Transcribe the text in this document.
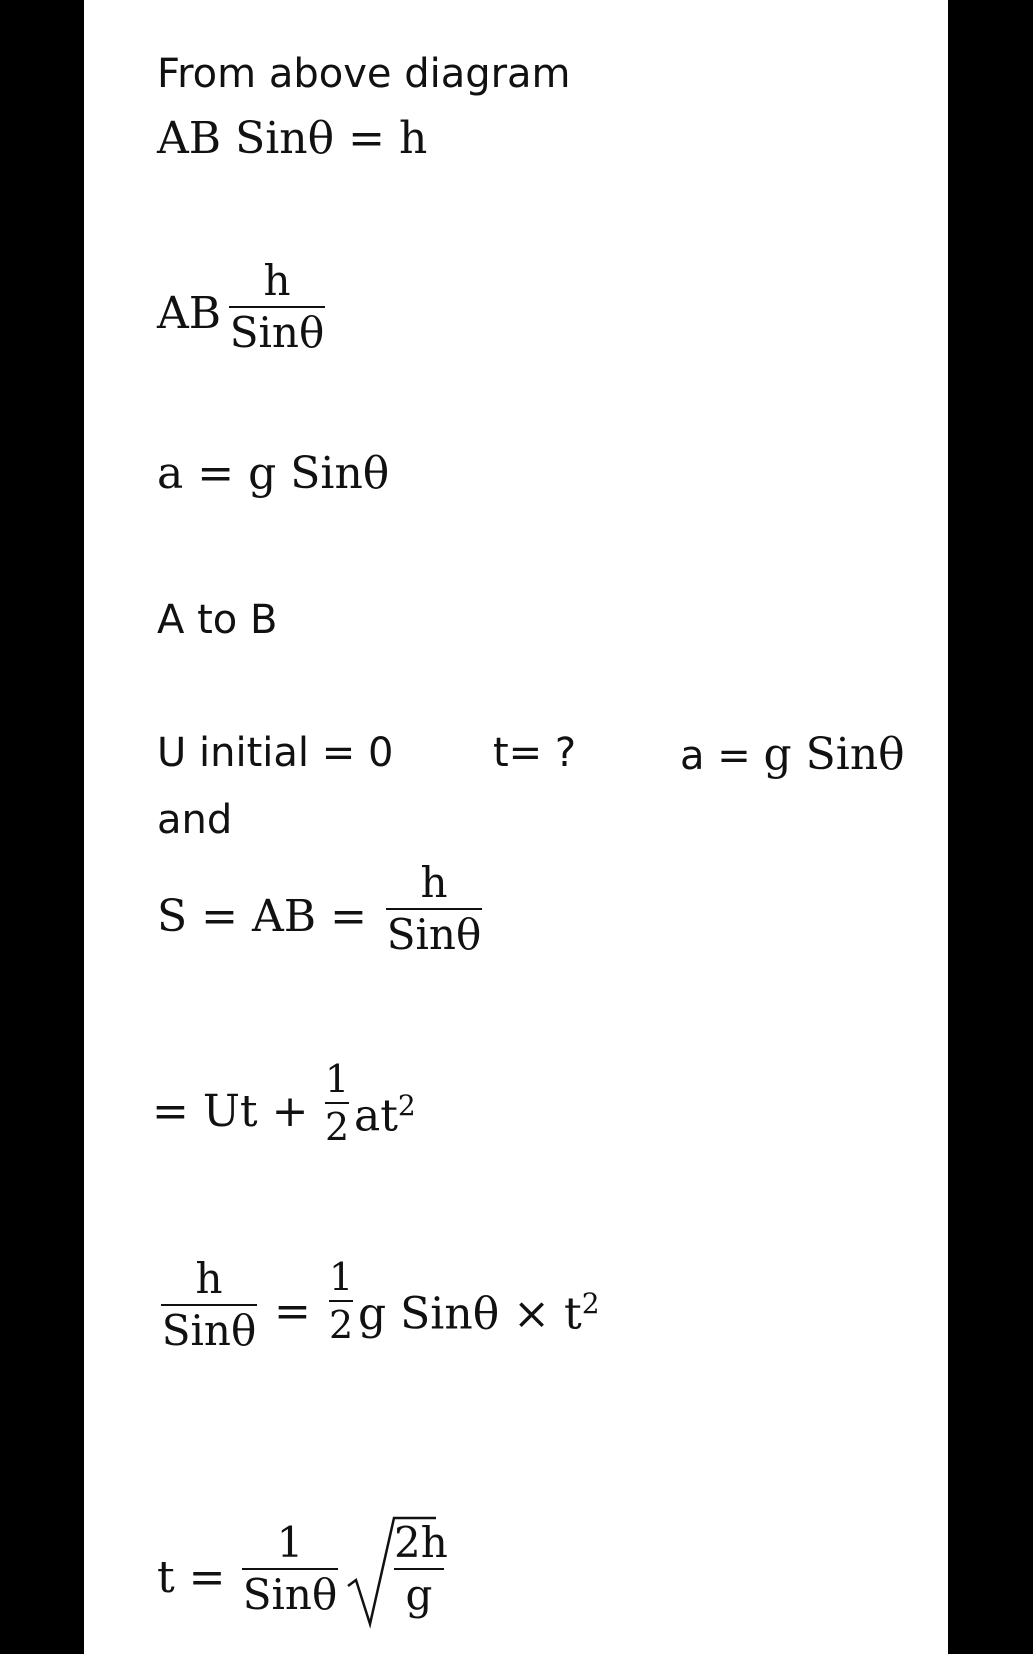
From above diagram
AB Sinθ = h
AB
h
Sinθ
a = g Sinθ
A to B
U initial = 0 t= ?	a = g Sinθ
and
S = AB =
h
Sinθ
= Ut +
1
2 $at^2$
h
Sinθ =
1
2 g $Sin\theta \times t^2$
t =
1
Sinθ
2h
g
